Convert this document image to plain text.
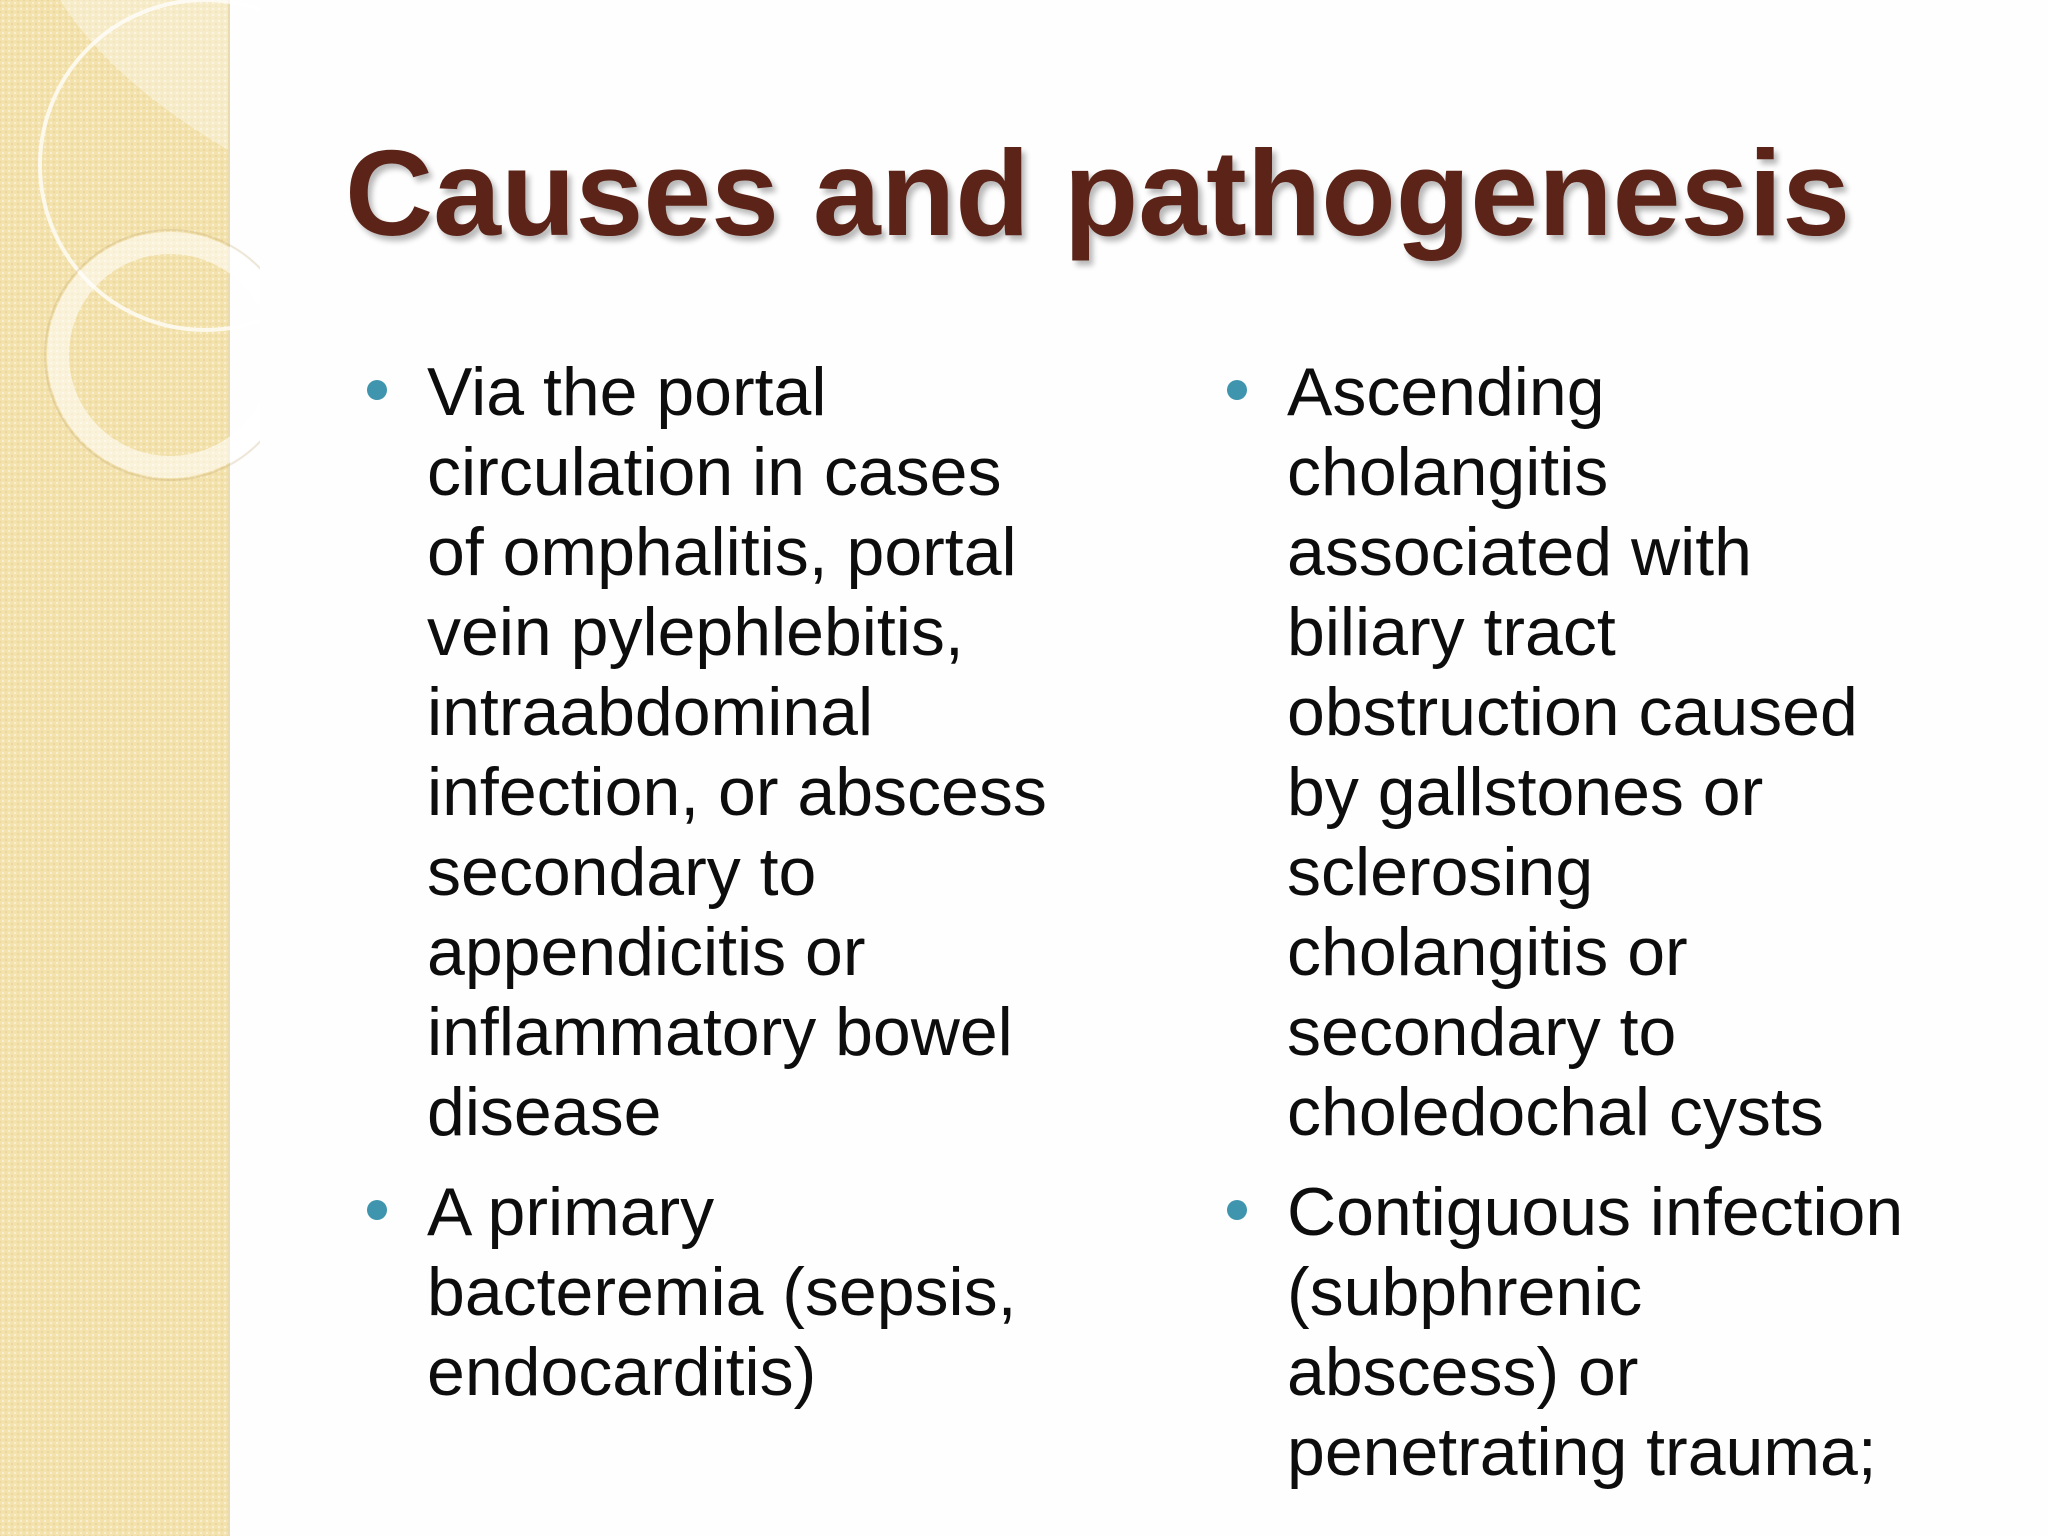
Causes and pathogenesis
Via the portal
circulation in cases
of omphalitis, portal
vein pylephlebitis,
intraabdominal
infection, or abscess
secondary to
appendicitis or
inflammatory bowel
disease
A primary
bacteremia (sepsis,
endocarditis)
Ascending
cholangitis
associated with
biliary tract
obstruction caused
by gallstones or
sclerosing
cholangitis or
secondary to
choledochal cysts
Contiguous infection
(subphrenic
abscess) or
penetrating trauma;
